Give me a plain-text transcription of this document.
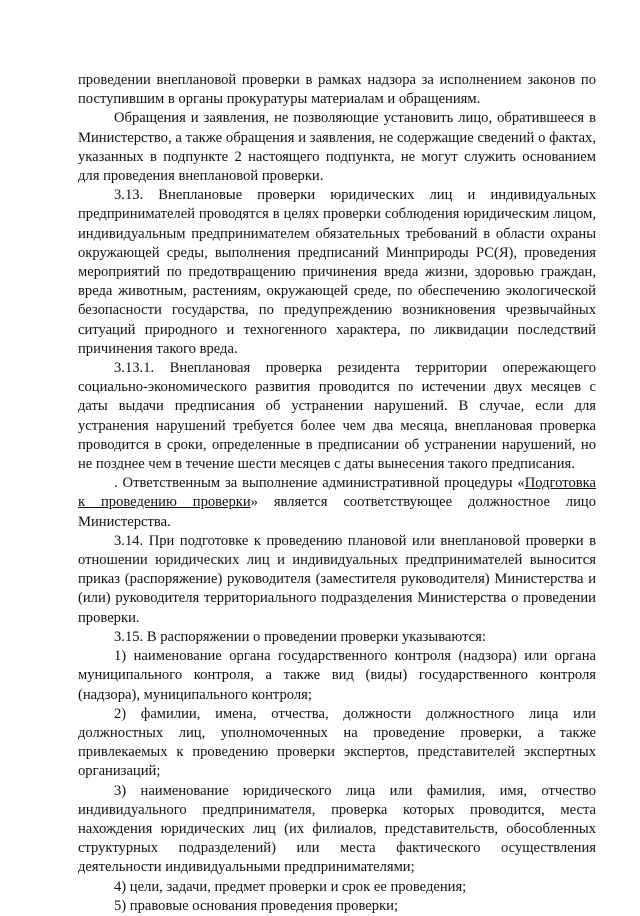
проведении внеплановой проверки в рамках надзора за исполнением законов по поступившим в органы прокуратуры материалам и обращениям.

Обращения и заявления, не позволяющие установить лицо, обратившееся в Министерство, а также обращения и заявления, не содержащие сведений о фактах, указанных в подпункте 2 настоящего подпункта, не могут служить основанием для проведения внеплановой проверки.

3.13. Внеплановые проверки юридических лиц и индивидуальных предпринимателей проводятся в целях проверки соблюдения юридическим лицом, индивидуальным предпринимателем обязательных требований в области охраны окружающей среды, выполнения предписаний Минприроды РС(Я), проведения мероприятий по предотвращению причинения вреда жизни, здоровью граждан, вреда животным, растениям, окружающей среде, по обеспечению экологической безопасности государства, по предупреждению возникновения чрезвычайных ситуаций природного и техногенного характера, по ликвидации последствий причинения такого вреда.

3.13.1. Внеплановая проверка резидента территории опережающего социально-экономического развития проводится по истечении двух месяцев с даты выдачи предписания об устранении нарушений. В случае, если для устранения нарушений требуется более чем два месяца, внеплановая проверка проводится в сроки, определенные в предписании об устранении нарушений, но не позднее чем в течение шести месяцев с даты вынесения такого предписания.

. Ответственным за выполнение административной процедуры «Подготовка к проведению проверки» является соответствующее должностное лицо Министерства.

3.14. При подготовке к проведению плановой или внеплановой проверки в отношении юридических лиц и индивидуальных предпринимателей выносится приказ (распоряжение) руководителя (заместителя руководителя) Министерства и (или) руководителя территориального подразделения Министерства о проведении проверки.

3.15. В распоряжении о проведении проверки указываются:

1) наименование органа государственного контроля (надзора) или органа муниципального контроля, а также вид (виды) государственного контроля (надзора), муниципального контроля;

2) фамилии, имена, отчества, должности должностного лица или должностных лиц, уполномоченных на проведение проверки, а также привлекаемых к проведению проверки экспертов, представителей экспертных организаций;

3) наименование юридического лица или фамилия, имя, отчество индивидуального предпринимателя, проверка которых проводится, места нахождения юридических лиц (их филиалов, представительств, обособленных структурных подразделений) или места фактического осуществления деятельности индивидуальными предпринимателями;

4) цели, задачи, предмет проверки и срок ее проведения;

5) правовые основания проведения проверки;
